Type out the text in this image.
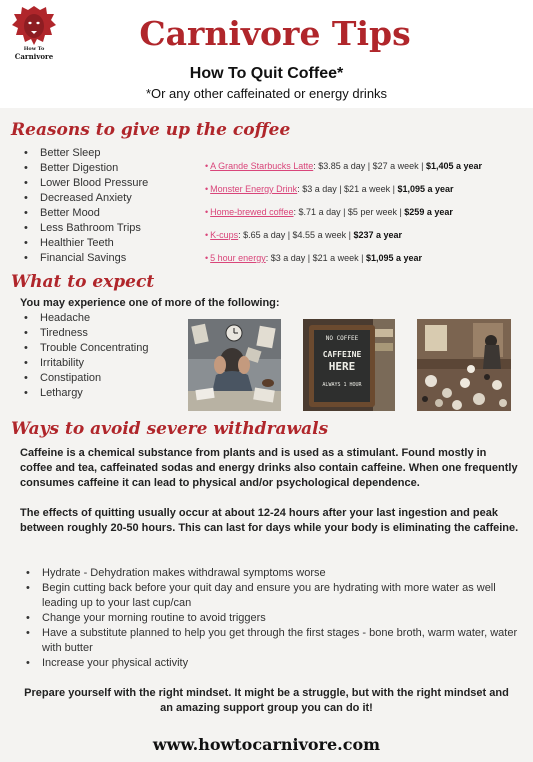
How To
Carnivore
Carnivore Tips
How To Quit Coffee*
*Or any other caffeinated or energy drinks
Reasons to give up the coffee
• Better Sleep
• Better Digestion
• Lower Blood Pressure
• Decreased Anxiety
• Better Mood
• Less Bathroom Trips
• Healthier Teeth
• Financial Savings
• A Grande Starbucks Latte: $3.85 a day | $27 a week | $1,405 a year
• Monster Energy Drink: $3 a day | $21 a week | $1,095 a year
• Home-brewed coffee: $.71 a day | $5 per week | $259 a year
• K-cups: $.65 a day | $4.55 a week | $237 a year
• 5 hour energy: $3 a day | $21 a week | $1,095 a year
What to expect
You may experience one of more of the following:
• Headache
• Tiredness
• Trouble Concentrating
• Irritability
• Constipation
• Lethargy
NO COFFEE
CAFFEINE
HERE
ALWAYS 1 HOUR
Ways to avoid severe withdrawals
Caffeine is a chemical substance from plants and is used as a stimulant. Found mostly in coffee and tea, caffeinated sodas and energy drinks also contain caffeine. When one frequently consumes caffeine it can lead to physical and/or psychological dependence.
The effects of quitting usually occur at about 12-24 hours after your last ingestion and peak between roughly 20-50 hours. This can last for days while your body is eliminating the caffeine.
• Hydrate - Dehydration makes withdrawal symptoms worse
• Begin cutting back before your quit day and ensure you are hydrating with more water as well leading up to your last cup/can
• Change your morning routine to avoid triggers
• Have a substitute planned to help you get through the first stages - bone broth, warm water, water with butter
• Increase your physical activity
Prepare yourself with the right mindset. It might be a struggle, but with the right mindset and an amazing support group you can do it!
www.howtocarnivore.com
